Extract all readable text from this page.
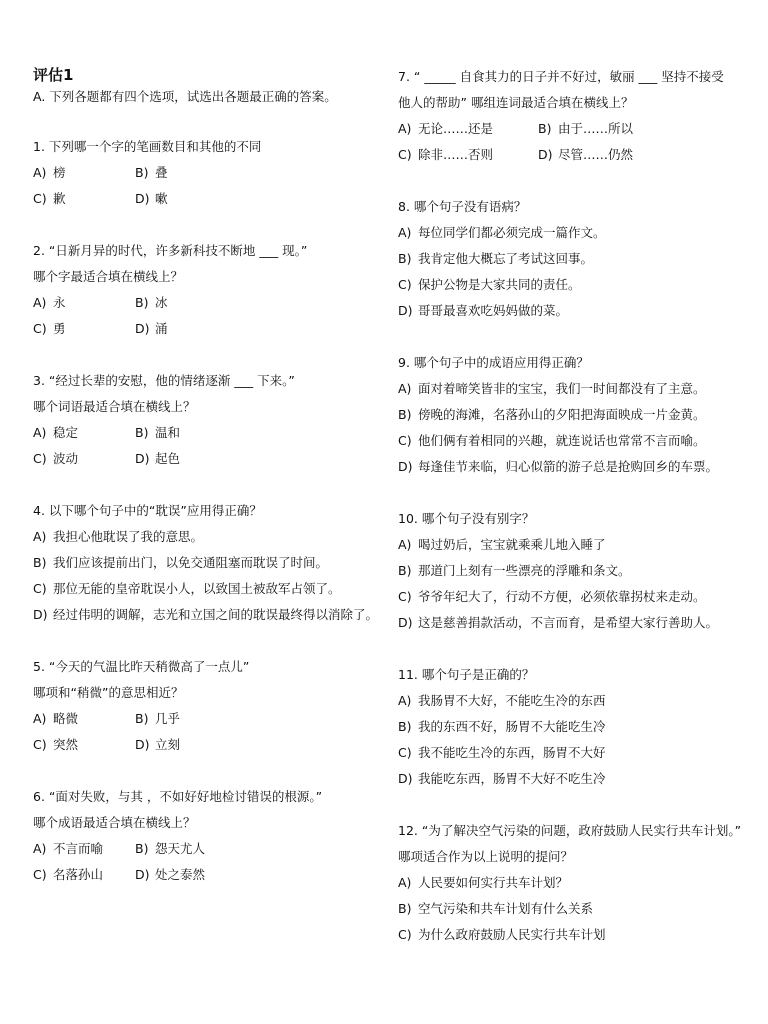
评估1
A. 下列各题都有四个选项，试选出各题最正确的答案。
1. 下列哪一个字的笔画数目和其他的不同
A) 榜	B) 叠
C) 歉	D) 嗽
2. “日新月异的时代，许多新科技不断地 ___ 现。”
哪个字最适合填在横线上？
A) 永	B) 冰
C) 勇	D) 涌
3. “经过长辈的安慰，他的情绪逐渐 ___ 下来。”
哪个词语最适合填在横线上？
A) 稳定	B) 温和
C) 波动	D) 起色
4. 以下哪个句子中的“耽误”应用得正确？
A) 我担心他耽误了我的意思。
B) 我们应该提前出门，以免交通阻塞而耽误了时间。
C) 那位无能的皇帝耽误小人，以致国土被敌军占领了。
D) 经过伟明的调解，志光和立国之间的耽误最终得以消除了。
5. “今天的气温比昨天稍微高了一点儿”
哪项和“稍微”的意思相近？
A) 略微	B) 几乎
C) 突然	D) 立刻
6. “面对失败，与其 ，不如好好地检讨错误的根源。”
哪个成语最适合填在横线上？
A) 不言而喻	B) 怨天尤人
C) 名落孙山	D) 处之泰然
7. “ _____ 自食其力的日子并不好过，敏丽 ___ 坚持不接受
他人的帮助” 哪组连词最适合填在横线上？
A) 无论……还是	B) 由于……所以
C) 除非……否则	D) 尽管……仍然
8. 哪个句子没有语病？
A) 每位同学们都必须完成一篇作文。
B) 我肯定他大概忘了考试这回事。
C) 保护公物是大家共同的责任。
D) 哥哥最喜欢吃妈妈做的菜。
9. 哪个句子中的成语应用得正确？
A) 面对着啼笑皆非的宝宝，我们一时间都没有了主意。
B) 傍晚的海滩，名落孙山的夕阳把海面映成一片金黄。
C) 他们俩有着相同的兴趣，就连说话也常常不言而喻。
D) 每逢佳节来临，归心似箭的游子总是抢购回乡的车票。
10. 哪个句子没有别字？
A) 喝过奶后，宝宝就乘乘儿地入睡了
B) 那道门上刻有一些漂亮的浮雕和条文。
C) 爷爷年纪大了，行动不方便，必须依靠拐杖来走动。
D) 这是慈善捐款活动，不言而育，是希望大家行善助人。
11. 哪个句子是正确的？
A) 我肠胃不大好，不能吃生冷的东西
B) 我的东西不好，肠胃不大能吃生冷
C) 我不能吃生冷的东西，肠胃不大好
D) 我能吃东西，肠胃不大好不吃生冷
12. “为了解决空气污染的问题，政府鼓励人民实行共车计划。”
哪项适合作为以上说明的提问？
A) 人民要如何实行共车计划？
B) 空气污染和共车计划有什么关系
C) 为什么政府鼓励人民实行共车计划
